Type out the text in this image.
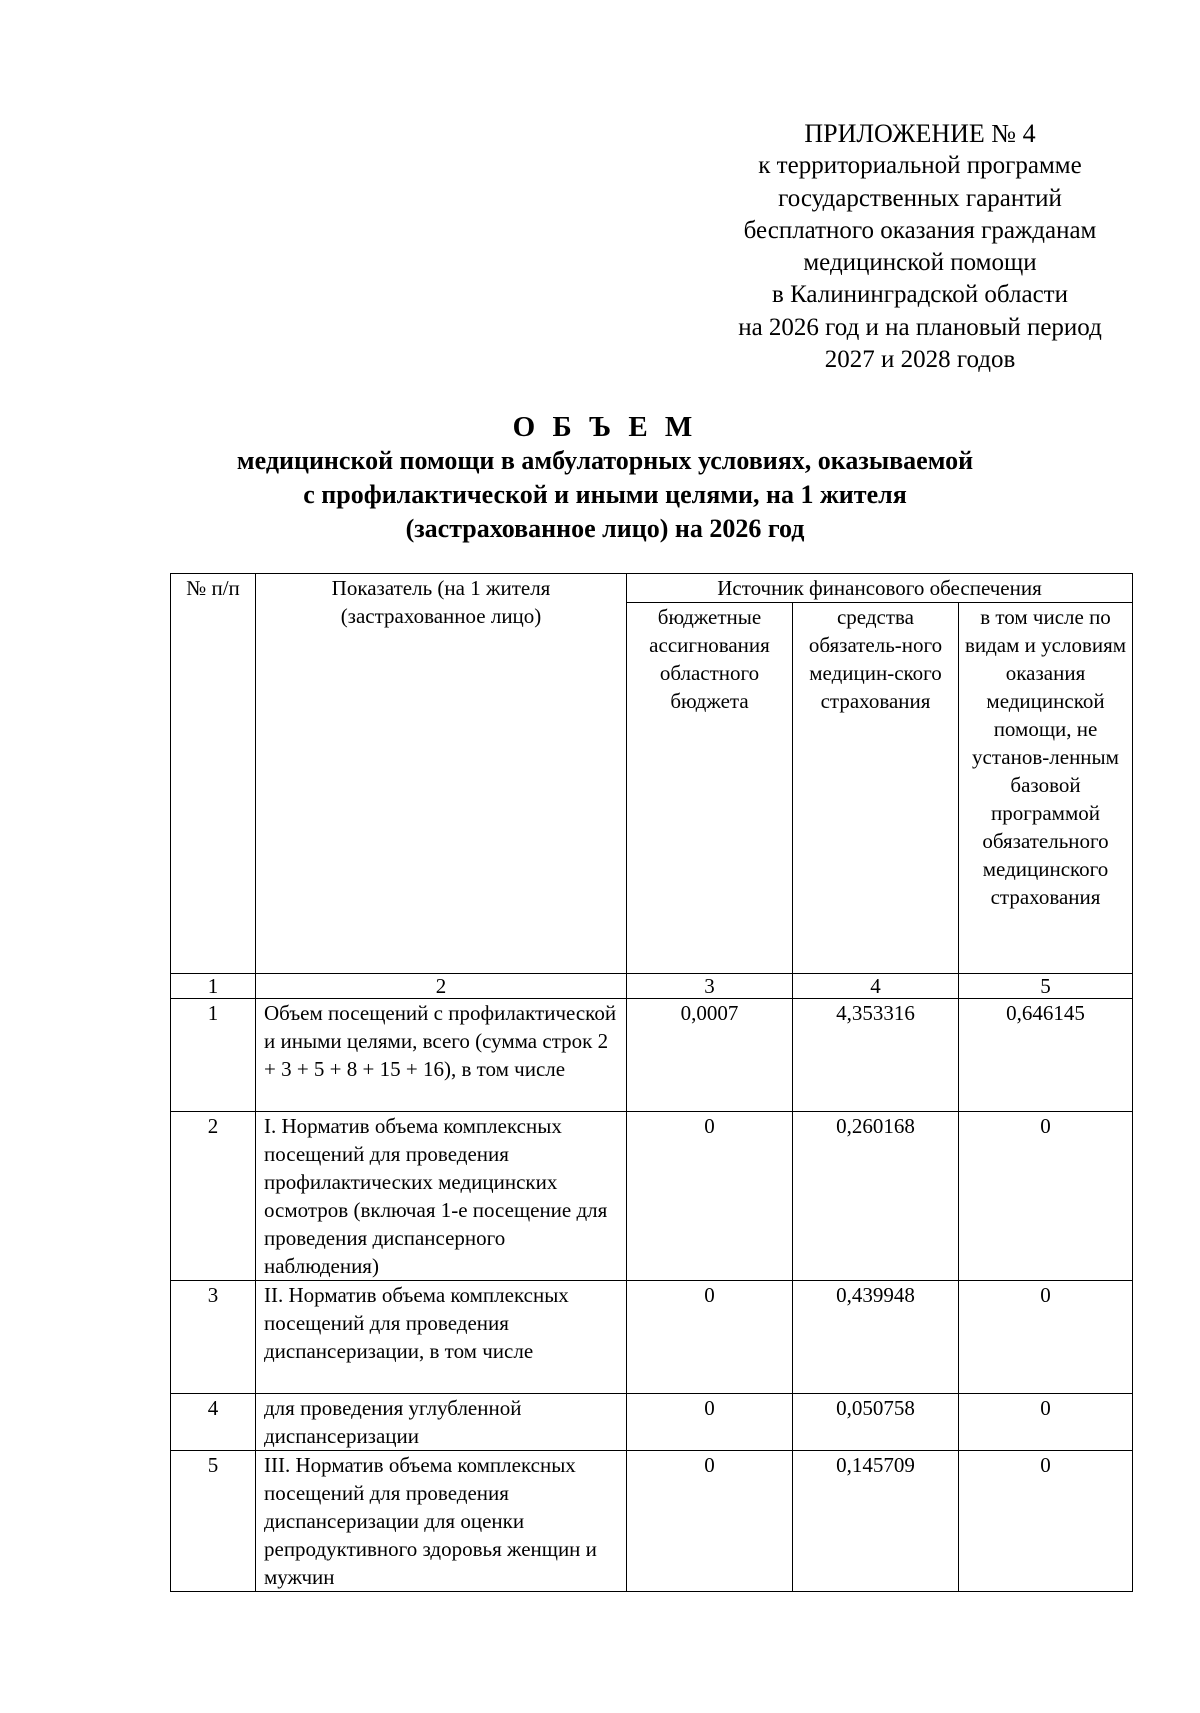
ПРИЛОЖЕНИЕ № 4
к территориальной программе
государственных гарантий
бесплатного оказания гражданам
медицинской помощи
в Калининградской области
на 2026 год и на плановый период
2027 и 2028 годов
О Б Ъ Е М
медицинской помощи в амбулаторных условиях, оказываемой
с профилактической и иными целями, на 1 жителя
(застрахованное лицо) на 2026 год
№ п/п	Показатель (на 1 жителя (застрахованное лицо)	Источник финансового обеспечения		
		бюджетные ассигнования областного бюджета	средства обязатель-ного медицин-ского страхования	в том числе по видам и условиям оказания медицинской помощи, не установ-ленным базовой программой обязательного медицинского страхования
1	2	3	4	5
1	Объем посещений с профилактической и иными целями, всего (сумма строк 2 + 3 + 5 + 8 + 15 + 16), в том числе	0,0007	4,353316	0,646145
2	I. Норматив объема комплексных посещений для проведения профилактических медицинских осмотров (включая 1-е посещение для проведения диспансерного наблюдения)	0	0,260168	0
3	II. Норматив объема комплексных посещений для проведения диспансеризации, в том числе	0	0,439948	0
4	для проведения углубленной диспансеризации	0	0,050758	0
5	III. Норматив объема комплексных посещений для проведения диспансеризации для оценки репродуктивного здоровья женщин и мужчин	0	0,145709	0
